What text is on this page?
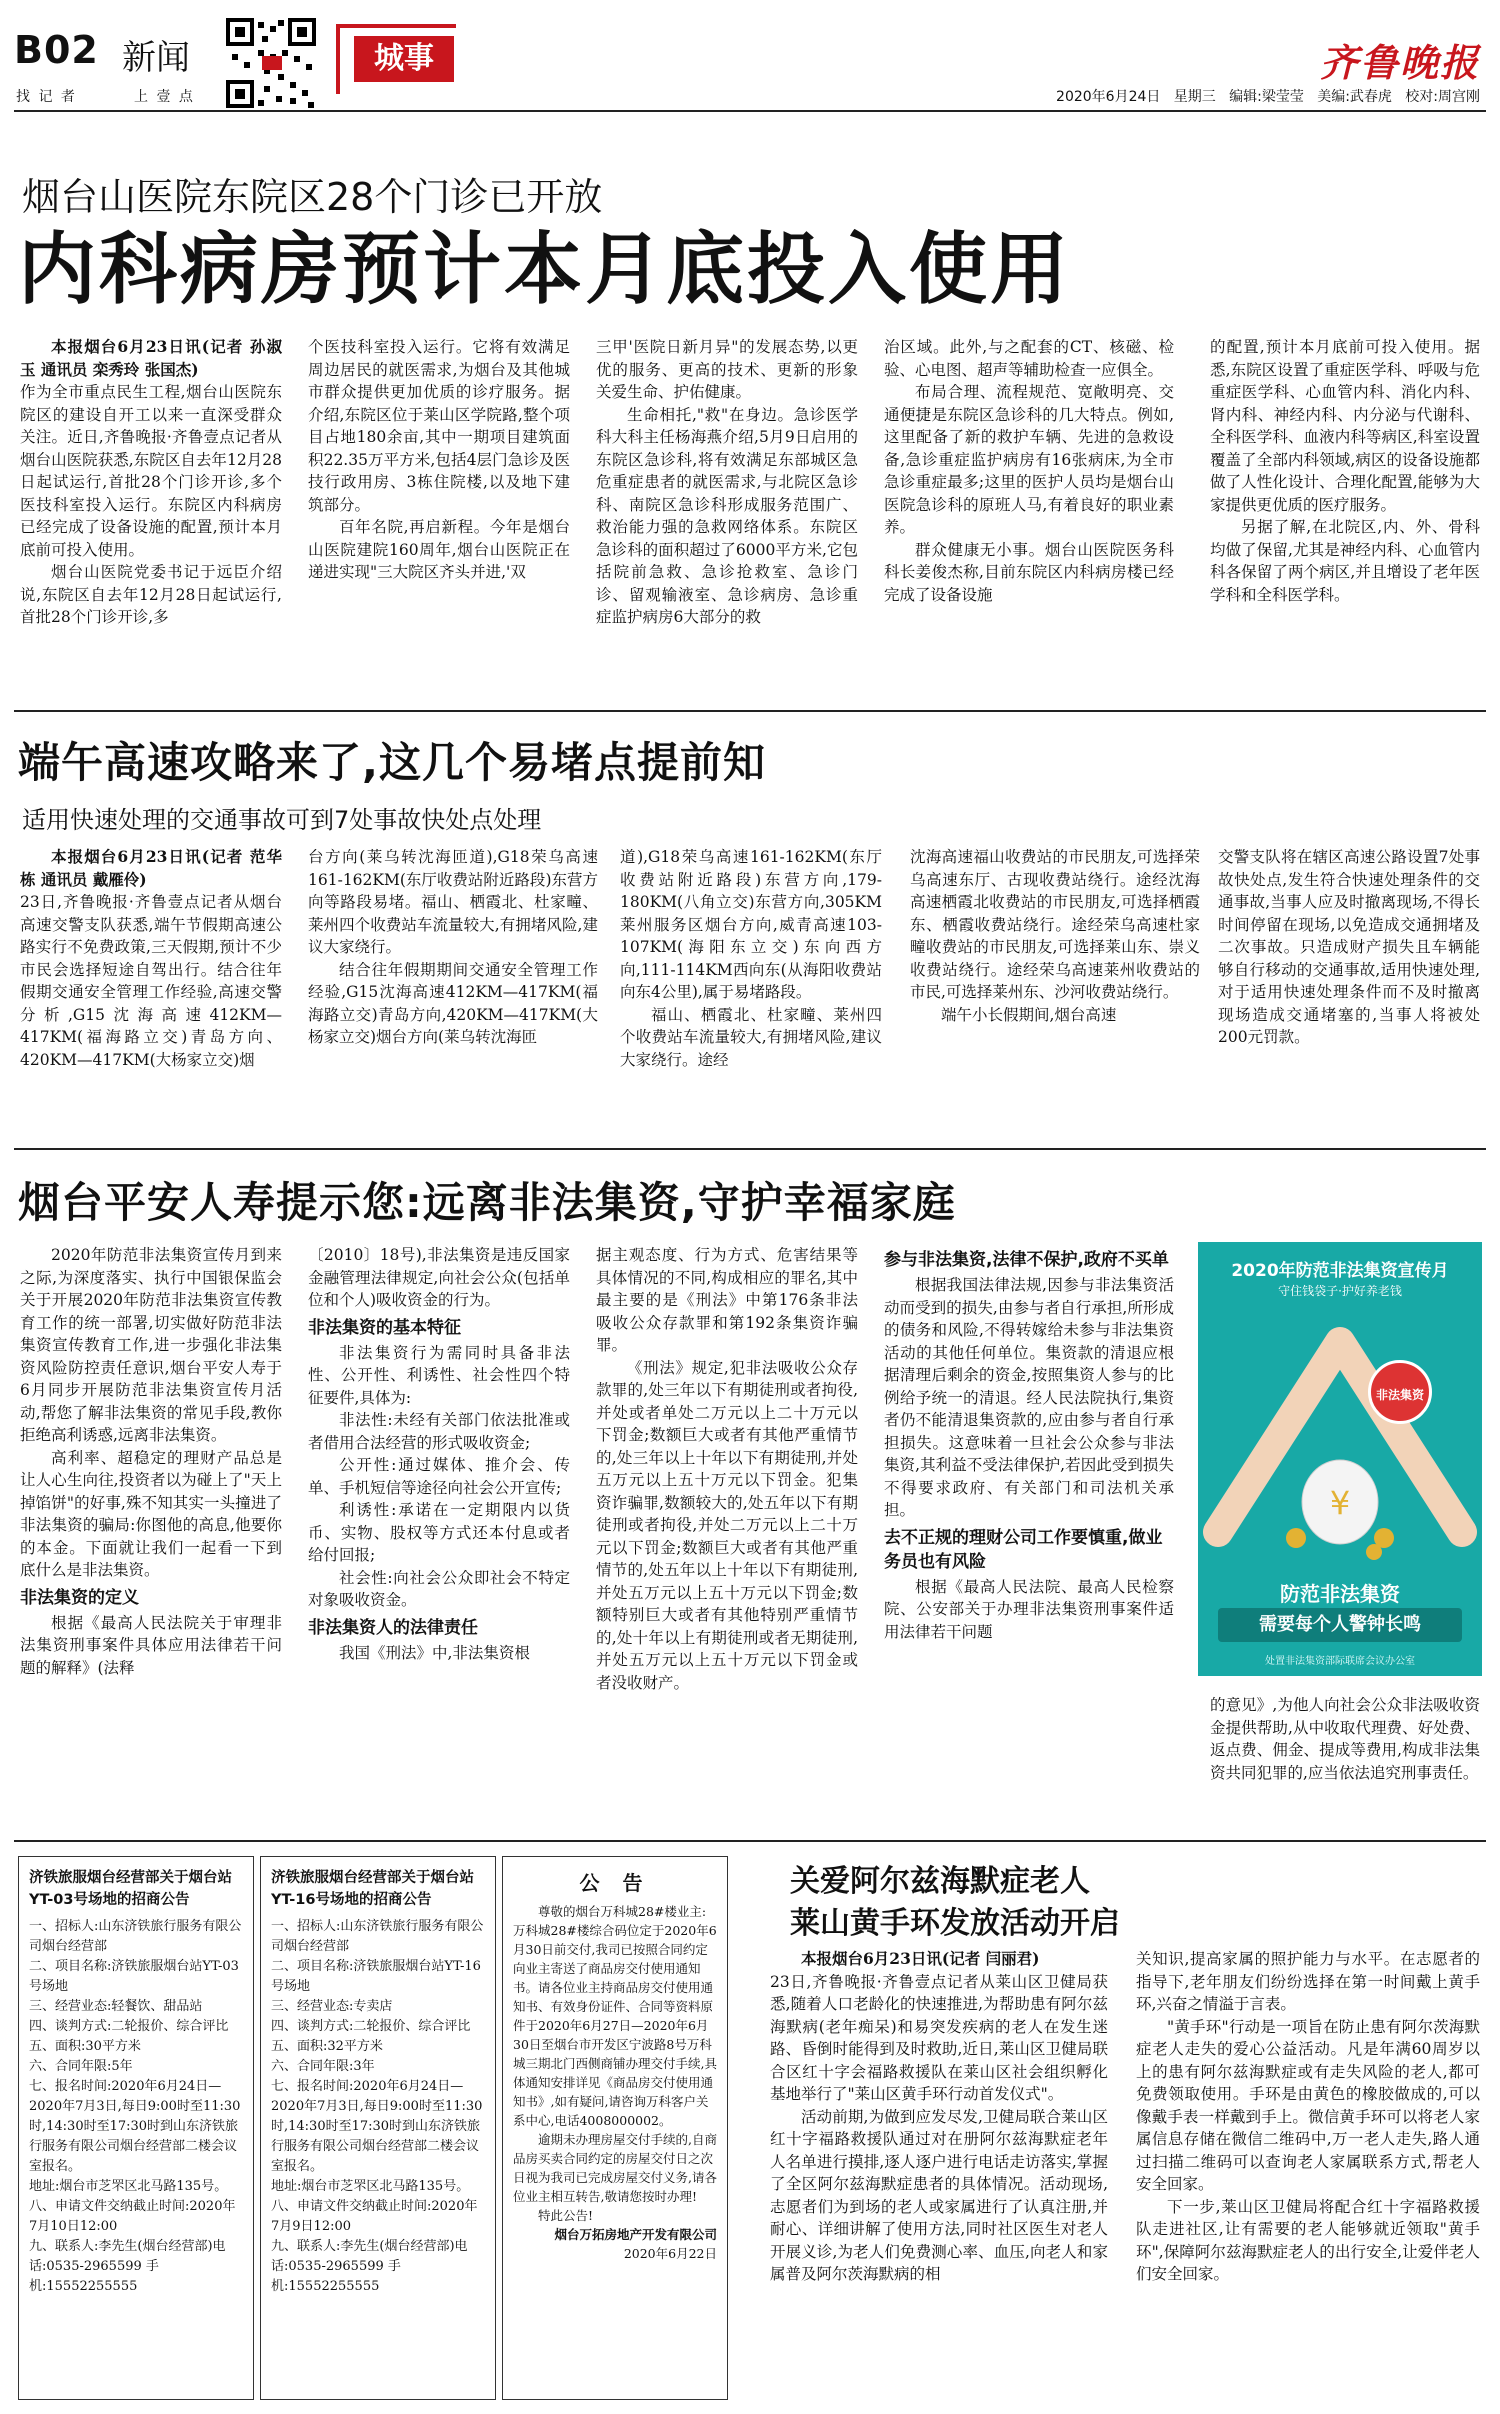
B02 新闻
找 记 者	上 壹 点
城事	齐鲁晚报
2020年6月24日 星期三 编辑:梁莹莹 美编:武春虎 校对:周宫刚
烟台山医院东院区28个门诊已开放
内科病房预计本月底投入使用
本报烟台6月23日讯(记者 孙淑玉 通讯员 栾秀玲 张国杰)

作为全市重点民生工程,烟台山医院东院区的建设自开工以来一直深受群众关注。近日,齐鲁晚报·齐鲁壹点记者从烟台山医院获悉,东院区自去年12月28日起试运行,首批28个门诊开诊,多个医技科室投入运行。东院区内科病房已经完成了设备设施的配置,预计本月底前可投入使用。

烟台山医院党委书记于远臣介绍说,东院区自去年12月28日起试运行,首批28个门诊开诊,多

个医技科室投入运行。它将有效满足周边居民的就医需求,为烟台及其他城市群众提供更加优质的诊疗服务。据介绍,东院区位于莱山区学院路,整个项目占地180余亩,其中一期项目建筑面积22.35万平方米,包括4层门急诊及医技行政用房、3栋住院楼,以及地下建筑部分。

百年名院,再启新程。今年是烟台山医院建院160周年,烟台山医院正在递进实现"三大院区齐头并进,'双

三甲'医院日新月异"的发展态势,以更优的服务、更高的技术、更新的形象关爱生命、护佑健康。

生命相托,"救"在身边。急诊医学科大科主任杨海燕介绍,5月9日启用的东院区急诊科,将有效满足东部城区急危重症患者的就医需求,与北院区急诊科、南院区急诊科形成服务范围广、救治能力强的急救网络体系。东院区急诊科的面积超过了6000平方米,它包括院前急救、急诊抢救室、急诊门诊、留观输液室、急诊病房、急诊重症监护病房6大部分的救

治区域。此外,与之配套的CT、核磁、检验、心电图、超声等辅助检查一应俱全。

布局合理、流程规范、宽敞明亮、交通便捷是东院区急诊科的几大特点。例如,这里配备了新的救护车辆、先进的急救设备,急诊重症监护病房有16张病床,为全市急诊重症最多;这里的医护人员均是烟台山医院急诊科的原班人马,有着良好的职业素养。

群众健康无小事。烟台山医院医务科科长姜俊杰称,目前东院区内科病房楼已经完成了设备设施

的配置,预计本月底前可投入使用。据悉,东院区设置了重症医学科、呼吸与危重症医学科、心血管内科、消化内科、肾内科、神经内科、内分泌与代谢科、全科医学科、血液内科等病区,科室设置覆盖了全部内科领域,病区的设备设施都做了人性化设计、合理化配置,能够为大家提供更优质的医疗服务。

另据了解,在北院区,内、外、骨科均做了保留,尤其是神经内科、心血管内科各保留了两个病区,并且增设了老年医学科和全科医学科。

端午高速攻略来了,这几个易堵点提前知
适用快速处理的交通事故可到7处事故快处点处理
本报烟台6月23日讯(记者 范华栋 通讯员 戴雁伶)

23日,齐鲁晚报·齐鲁壹点记者从烟台高速交警支队获悉,端午节假期高速公路实行不免费政策,三天假期,预计不少市民会选择短途自驾出行。结合往年假期交通安全管理工作经验,高速交警分析,G15沈海高速412KM—417KM(福海路立交)青岛方向、420KM—417KM(大杨家立交)烟

台方向(莱乌转沈海匝道),G18荣乌高速161-162KM(东厅收费站附近路段)东营方向等路段易堵。福山、栖霞北、杜家疃、莱州四个收费站车流量较大,有拥堵风险,建议大家绕行。

结合往年假期期间交通安全管理工作经验,G15沈海高速412KM—417KM(福海路立交)青岛方向,420KM—417KM(大杨家立交)烟台方向(莱乌转沈海匝

道),G18荣乌高速161-162KM(东厅收费站附近路段)东营方向,179-180KM(八角立交)东营方向,305KM莱州服务区烟台方向,威青高速103-107KM(海阳东立交)东向西方向,111-114KM西向东(从海阳收费站向东4公里),属于易堵路段。

福山、栖霞北、杜家疃、莱州四个收费站车流量较大,有拥堵风险,建议大家绕行。途经

沈海高速福山收费站的市民朋友,可选择荣乌高速东厅、古现收费站绕行。途经沈海高速栖霞北收费站的市民朋友,可选择栖霞东、栖霞收费站绕行。途经荣乌高速杜家疃收费站的市民朋友,可选择莱山东、崇义收费站绕行。途经荣乌高速莱州收费站的市民,可选择莱州东、沙河收费站绕行。

端午小长假期间,烟台高速

交警支队将在辖区高速公路设置7处事故快处点,发生符合快速处理条件的交通事故,当事人应及时撤离现场,不得长时间停留在现场,以免造成交通拥堵及二次事故。只造成财产损失且车辆能够自行移动的交通事故,适用快速处理,对于适用快速处理条件而不及时撤离现场造成交通堵塞的,当事人将被处200元罚款。

烟台平安人寿提示您:远离非法集资,守护幸福家庭

2020年防范非法集资宣传月到来之际,为深度落实、执行中国银保监会关于开展2020年防范非法集资宣传教育工作的统一部署,切实做好防范非法集资宣传教育工作,进一步强化非法集资风险防控责任意识,烟台平安人寿于6月同步开展防范非法集资宣传月活动,帮您了解非法集资的常见手段,教你拒绝高利诱惑,远离非法集资。

高利率、超稳定的理财产品总是让人心生向往,投资者以为碰上了"天上掉馅饼"的好事,殊不知其实一头撞进了非法集资的骗局:你图他的高息,他要你的本金。下面就让我们一起看一下到底什么是非法集资。

非法集资的定义

根据《最高人民法院关于审理非法集资刑事案件具体应用法律若干问题的解释》(法释

〔2010〕18号),非法集资是违反国家金融管理法律规定,向社会公众(包括单位和个人)吸收资金的行为。

非法集资的基本特征

非法集资行为需同时具备非法性、公开性、利诱性、社会性四个特征要件,具体为:

非法性:未经有关部门依法批准或者借用合法经营的形式吸收资金;

公开性:通过媒体、推介会、传单、手机短信等途径向社会公开宣传;

利诱性:承诺在一定期限内以货币、实物、股权等方式还本付息或者给付回报;

社会性:向社会公众即社会不特定对象吸收资金。

非法集资人的法律责任

我国《刑法》中,非法集资根

据主观态度、行为方式、危害结果等具体情况的不同,构成相应的罪名,其中最主要的是《刑法》中第176条非法吸收公众存款罪和第192条集资诈骗罪。

《刑法》规定,犯非法吸收公众存款罪的,处三年以下有期徒刑或者拘役,并处或者单处二万元以上二十万元以下罚金;数额巨大或者有其他严重情节的,处三年以上十年以下有期徒刑,并处五万元以上五十万元以下罚金。犯集资诈骗罪,数额较大的,处五年以下有期徒刑或者拘役,并处二万元以上二十万元以下罚金;数额巨大或者有其他严重情节的,处五年以上十年以下有期徒刑,并处五万元以上五十万元以下罚金;数额特别巨大或者有其他特别严重情节的,处十年以上有期徒刑或者无期徒刑,并处五万元以上五十万元以下罚金或者没收财产。

参与非法集资,法律不保护,政府不买单

根据我国法律法规,因参与非法集资活动而受到的损失,由参与者自行承担,所形成的债务和风险,不得转嫁给未参与非法集资活动的其他任何单位。集资款的清退应根据清理后剩余的资金,按照集资人参与的比例给予统一的清退。经人民法院执行,集资者仍不能清退集资款的,应由参与者自行承担损失。这意味着一旦社会公众参与非法集资,其利益不受法律保护,若因此受到损失不得要求政府、有关部门和司法机关承担。

去不正规的理财公司工作要慎重,做业务员也有风险

根据《最高人民法院、最高人民检察院、公安部关于办理非法集资刑事案件适用法律若干问题

2020年防范非法集资宣传月
守住钱袋子·护好养老钱
¥
非法集资
防范非法集资
需要每个人警钟长鸣
处置非法集资部际联席会议办公室

的意见》,为他人向社会公众非法吸收资金提供帮助,从中收取代理费、好处费、返点费、佣金、提成等费用,构成非法集资共同犯罪的,应当依法追究刑事责任。

济铁旅服烟台经营部关于烟台站YT-03号场地的招商公告

一、招标人:山东济铁旅行服务有限公司烟台经营部

二、项目名称:济铁旅服烟台站YT-03号场地

三、经营业态:轻餐饮、甜品站

四、谈判方式:二轮报价、综合评比

五、面积:30平方米

六、合同年限:5年

七、报名时间:2020年6月24日—2020年7月3日,每日9:00时至11:30时,14:30时至17:30时到山东济铁旅行服务有限公司烟台经营部二楼会议室报名。

地址:烟台市芝罘区北马路135号。

八、申请文件交纳截止时间:2020年7月10日12:00

九、联系人:李先生(烟台经营部)电话:0535-2965599 手机:15552255555

济铁旅服烟台经营部关于烟台站YT-16号场地的招商公告

一、招标人:山东济铁旅行服务有限公司烟台经营部

二、项目名称:济铁旅服烟台站YT-16号场地

三、经营业态:专卖店

四、谈判方式:二轮报价、综合评比

五、面积:32平方米

六、合同年限:3年

七、报名时间:2020年6月24日—2020年7月3日,每日9:00时至11:30时,14:30时至17:30时到山东济铁旅行服务有限公司烟台经营部二楼会议室报名。

地址:烟台市芝罘区北马路135号。

八、申请文件交纳截止时间:2020年7月9日12:00

九、联系人:李先生(烟台经营部)电话:0535-2965599 手机:15552255555

公 告

尊敬的烟台万科城28#楼业主:万科城28#楼综合码位定于2020年6月30日前交付,我司已按照合同约定向业主寄送了商品房交付使用通知书。请各位业主持商品房交付使用通知书、有效身份证件、合同等资料原件于2020年6月27日—2020年6月30日至烟台市开发区宁波路8号万科城三期北门西侧商铺办理交付手续,具体通知安排详见《商品房交付使用通知书》,如有疑问,请咨询万科客户关系中心,电话4008000002。

逾期未办理房屋交付手续的,自商品房买卖合同约定的房屋交付日之次日视为我司已完成房屋交付义务,请各位业主相互转告,敬请您按时办理!

特此公告!

烟台万拓房地产开发有限公司

2020年6月22日

关爱阿尔兹海默症老人
莱山黄手环发放活动开启
本报烟台6月23日讯(记者 闫丽君)

23日,齐鲁晚报·齐鲁壹点记者从莱山区卫健局获悉,随着人口老龄化的快速推进,为帮助患有阿尔兹海默病(老年痴呆)和易突发疾病的老人在发生迷路、昏倒时能得到及时救助,近日,莱山区卫健局联合区红十字会福路救援队在莱山区社会组织孵化基地举行了"莱山区黄手环行动首发仪式"。

活动前期,为做到应发尽发,卫健局联合莱山区红十字福路救援队通过对在册阿尔兹海默症老年人名单进行摸排,逐人逐户进行电话走访落实,掌握了全区阿尔兹海默症患者的具体情况。活动现场,志愿者们为到场的老人或家属进行了认真注册,并耐心、详细讲解了使用方法,同时社区医生对老人开展义诊,为老人们免费测心率、血压,向老人和家属普及阿尔茨海默病的相

关知识,提高家属的照护能力与水平。在志愿者的指导下,老年朋友们纷纷选择在第一时间戴上黄手环,兴奋之情溢于言表。

"黄手环"行动是一项旨在防止患有阿尔茨海默症老人走失的爱心公益活动。凡是年满60周岁以上的患有阿尔兹海默症或有走失风险的老人,都可免费领取使用。手环是由黄色的橡胶做成的,可以像戴手表一样戴到手上。微信黄手环可以将老人家属信息存储在微信二维码中,万一老人走失,路人通过扫描二维码可以查询老人家属联系方式,帮老人安全回家。

下一步,莱山区卫健局将配合红十字福路救援队走进社区,让有需要的老人能够就近领取"黄手环",保障阿尔兹海默症老人的出行安全,让爱伴老人们安全回家。
